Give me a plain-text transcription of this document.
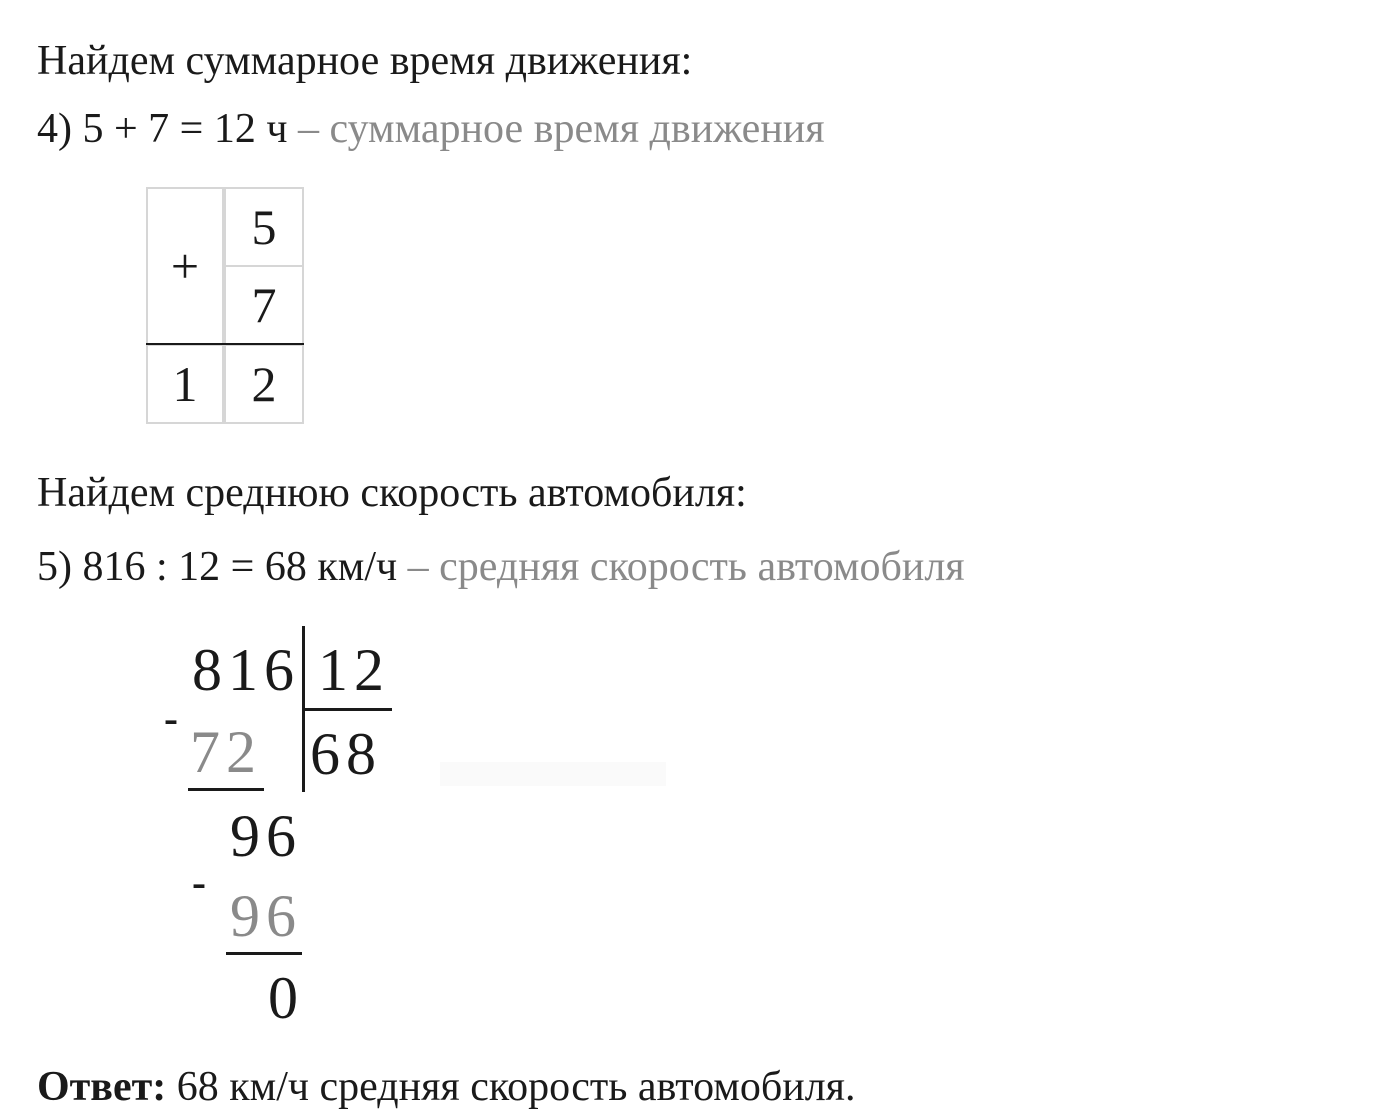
Найдем суммарное время движения:
4) 5 + 7 = 12 ч – суммарное время движения
+
5
7
1 2
Найдем среднюю скорость автомобиля:
5) 816 : 12 = 68 км/ч – средняя скорость автомобиля
816 12
68
- 72
96
- 96
0
Ответ: 68 км/ч средняя скорость автомобиля.
